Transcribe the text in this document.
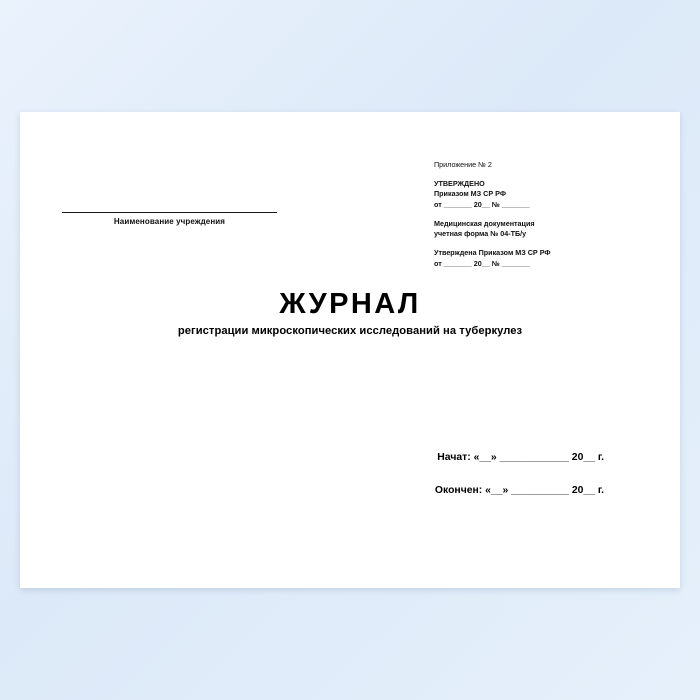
Приложение № 2
УТВЕРЖДЕНО
Приказом МЗ СР РФ
от _______ 20__ № _______
Медицинская документация
учетная форма № 04-ТБ/у
Утверждена Приказом МЗ СР РФ
от _______ 20__ № _______
Наименование учреждения
ЖУРНАЛ
регистрации микроскопических исследований на туберкулез
Начат: «__» ____________ 20__ г.
Окончен: «__» __________ 20__ г.
